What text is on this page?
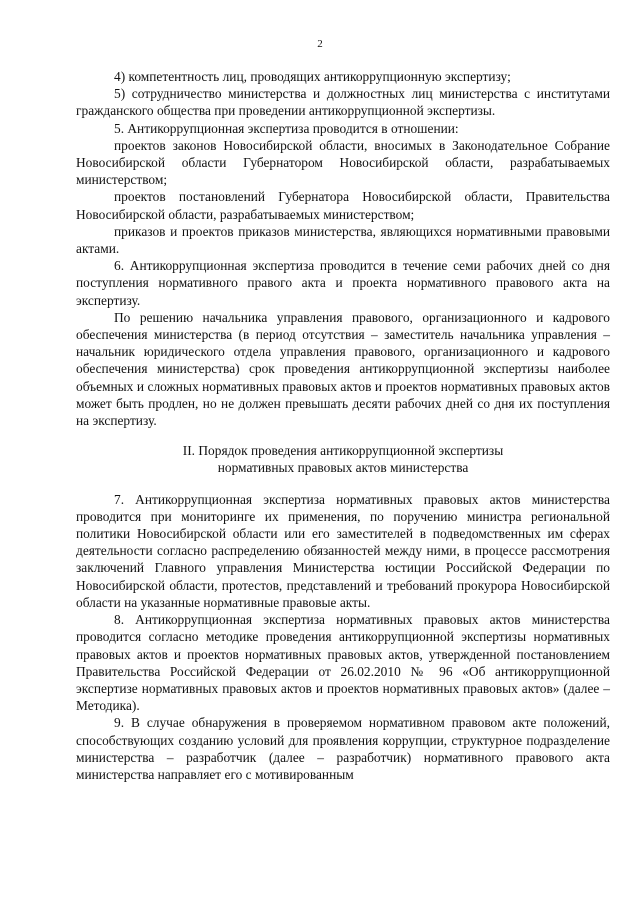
2

4) компетентность лиц, проводящих антикоррупционную экспертизу;

5) сотрудничество министерства и должностных лиц министерства с институтами гражданского общества при проведении антикоррупционной экспертизы.

5. Антикоррупционная экспертиза проводится в отношении:

проектов законов Новосибирской области, вносимых в Законодательное Собрание Новосибирской области Губернатором Новосибирской области, разрабатываемых министерством;

проектов постановлений Губернатора Новосибирской области, Правительства Новосибирской области, разрабатываемых министерством;

приказов и проектов приказов министерства, являющихся нормативными правовыми актами.

6. Антикоррупционная экспертиза проводится в течение семи рабочих дней со дня поступления нормативного правого акта и проекта нормативного правового акта на экспертизу.

По решению начальника управления правового, организационного и кадрового обеспечения министерства (в период отсутствия – заместитель начальника управления – начальник юридического отдела управления правового, организационного и кадрового обеспечения министерства) срок проведения антикоррупционной экспертизы наиболее объемных и сложных нормативных правовых актов и проектов нормативных правовых актов может быть продлен, но не должен превышать десяти рабочих дней со дня их поступления на экспертизу.

II. Порядок проведения антикоррупционной экспертизы
нормативных правовых актов министерства

7. Антикоррупционная экспертиза нормативных правовых актов министерства проводится при мониторинге их применения, по поручению министра региональной политики Новосибирской области или его заместителей в подведомственных им сферах деятельности согласно распределению обязанностей между ними, в процессе рассмотрения заключений Главного управления Министерства юстиции Российской Федерации по Новосибирской области, протестов, представлений и требований прокурора Новосибирской области на указанные нормативные правовые акты.

8. Антикоррупционная экспертиза нормативных правовых актов министерства проводится согласно методике проведения антикоррупционной экспертизы нормативных правовых актов и проектов нормативных правовых актов, утвержденной постановлением Правительства Российской Федерации от 26.02.2010 № 96 «Об антикоррупционной экспертизе нормативных правовых актов и проектов нормативных правовых актов» (далее – Методика).

9. В случае обнаружения в проверяемом нормативном правовом акте положений, способствующих созданию условий для проявления коррупции, структурное подразделение министерства – разработчик (далее – разработчик) нормативного правового акта министерства направляет его с мотивированным
